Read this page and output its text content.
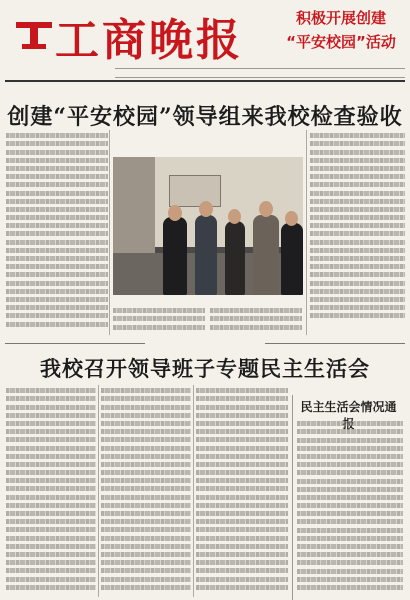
工商晚报	积极开展创建
“平安校园”活动
创建“平安校园”领导组来我校检查验收
我校召开领导班子专题民主生活会
民主生活会情况通
